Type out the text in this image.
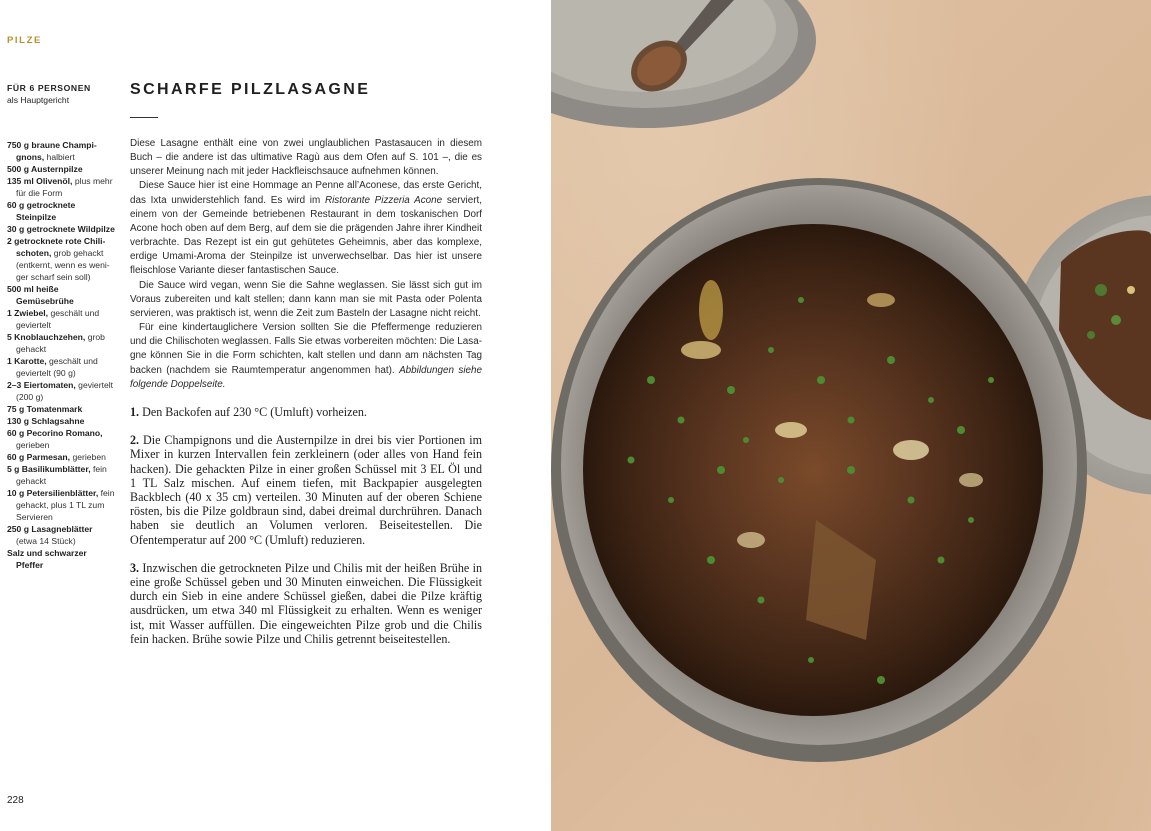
PILZE
FÜR 6 PERSONEN
als Hauptgericht

750 g braune Champignons, halbiert

500 g Austernpilze

135 ml Olivenöl, plus mehr für die Form

60 g getrocknete Steinpilze

30 g getrocknete Wildpilze

2 getrocknete rote Chilischoten, grob gehackt (entkernt, wenn es weniger scharf sein soll)

500 ml heiße Gemüsebrühe

1 Zwiebel, geschält und geviertelt

5 Knoblauchzehen, grob gehackt

1 Karotte, geschält und geviertelt (90 g)

2–3 Eiertomaten, geviertelt (200 g)

75 g Tomatenmark

130 g Schlagsahne

60 g Pecorino Romano, gerieben

60 g Parmesan, gerieben

5 g Basilikumblätter, fein gehackt

10 g Petersilienblätter, fein gehackt, plus 1 TL zum Servieren

250 g Lasagneblätter (etwa 14 Stück)

Salz und schwarzer Pfeffer

SCHARFE PILZLASAGNE

Diese Lasagne enthält eine von zwei unglaublichen Pastasaucen in diesem Buch – die andere ist das ultimative Ragù aus dem Ofen auf S. 101 –, die es unserer Meinung nach mit jeder Hackfleischsauce aufnehmen können.

Diese Sauce hier ist eine Hommage an Penne all’Aconese, das erste Gericht, das Ixta unwiderstehlich fand. Es wird im Ristorante Pizzeria Acone serviert, einem von der Gemeinde betriebenen Restaurant in dem toskanischen Dorf Acone hoch oben auf dem Berg, auf dem sie die prägenden Jahre ihrer Kindheit verbrachte. Das Rezept ist ein gut gehütetes Geheimnis, aber das komplexe, erdige Umami-Aroma der Steinpilze ist unverwechselbar. Das hier ist unsere fleischlose Variante dieser fantastischen Sauce.

Die Sauce wird vegan, wenn Sie die Sahne weglassen. Sie lässt sich gut im Voraus zubereiten und kalt stellen; dann kann man sie mit Pasta oder Polenta servieren, was praktisch ist, wenn die Zeit zum Basteln der Lasagne nicht reicht.

Für eine kindertauglichere Version sollten Sie die Pfeffermenge reduzieren und die Chilischoten weglassen. Falls Sie etwas vorbereiten möchten: Die Lasagne können Sie in die Form schichten, kalt stellen und dann am nächsten Tag backen (nachdem sie Raumtemperatur angenommen hat). Abbildungen siehe folgende Doppelseite.

1. Den Backofen auf 230 °C (Umluft) vorheizen.

2. Die Champignons und die Austernpilze in drei bis vier Portionen im Mixer in kurzen Intervallen fein zerkleinern (oder alles von Hand fein hacken). Die gehackten Pilze in einer großen Schüssel mit 3 EL Öl und 1 TL Salz mischen. Auf einem tiefen, mit Backpapier ausgelegten Backblech (40 x 35 cm) verteilen. 30 Minuten auf der oberen Schiene rösten, bis die Pilze goldbraun sind, dabei dreimal durchrühren. Danach haben sie deutlich an Volumen verloren. Beiseitestellen. Die Ofentemperatur auf 200 °C (Umluft) reduzieren.

3. Inzwischen die getrockneten Pilze und Chilis mit der heißen Brühe in eine große Schüssel geben und 30 Minuten einweichen. Die Flüssigkeit durch ein Sieb in eine andere Schüssel gießen, dabei die Pilze kräftig ausdrücken, um etwa 340 ml Flüssigkeit zu erhalten. Wenn es weniger ist, mit Wasser auffüllen. Die eingeweichten Pilze grob und die Chilis fein hacken. Brühe sowie Pilze und Chilis getrennt beiseitestellen.

228
